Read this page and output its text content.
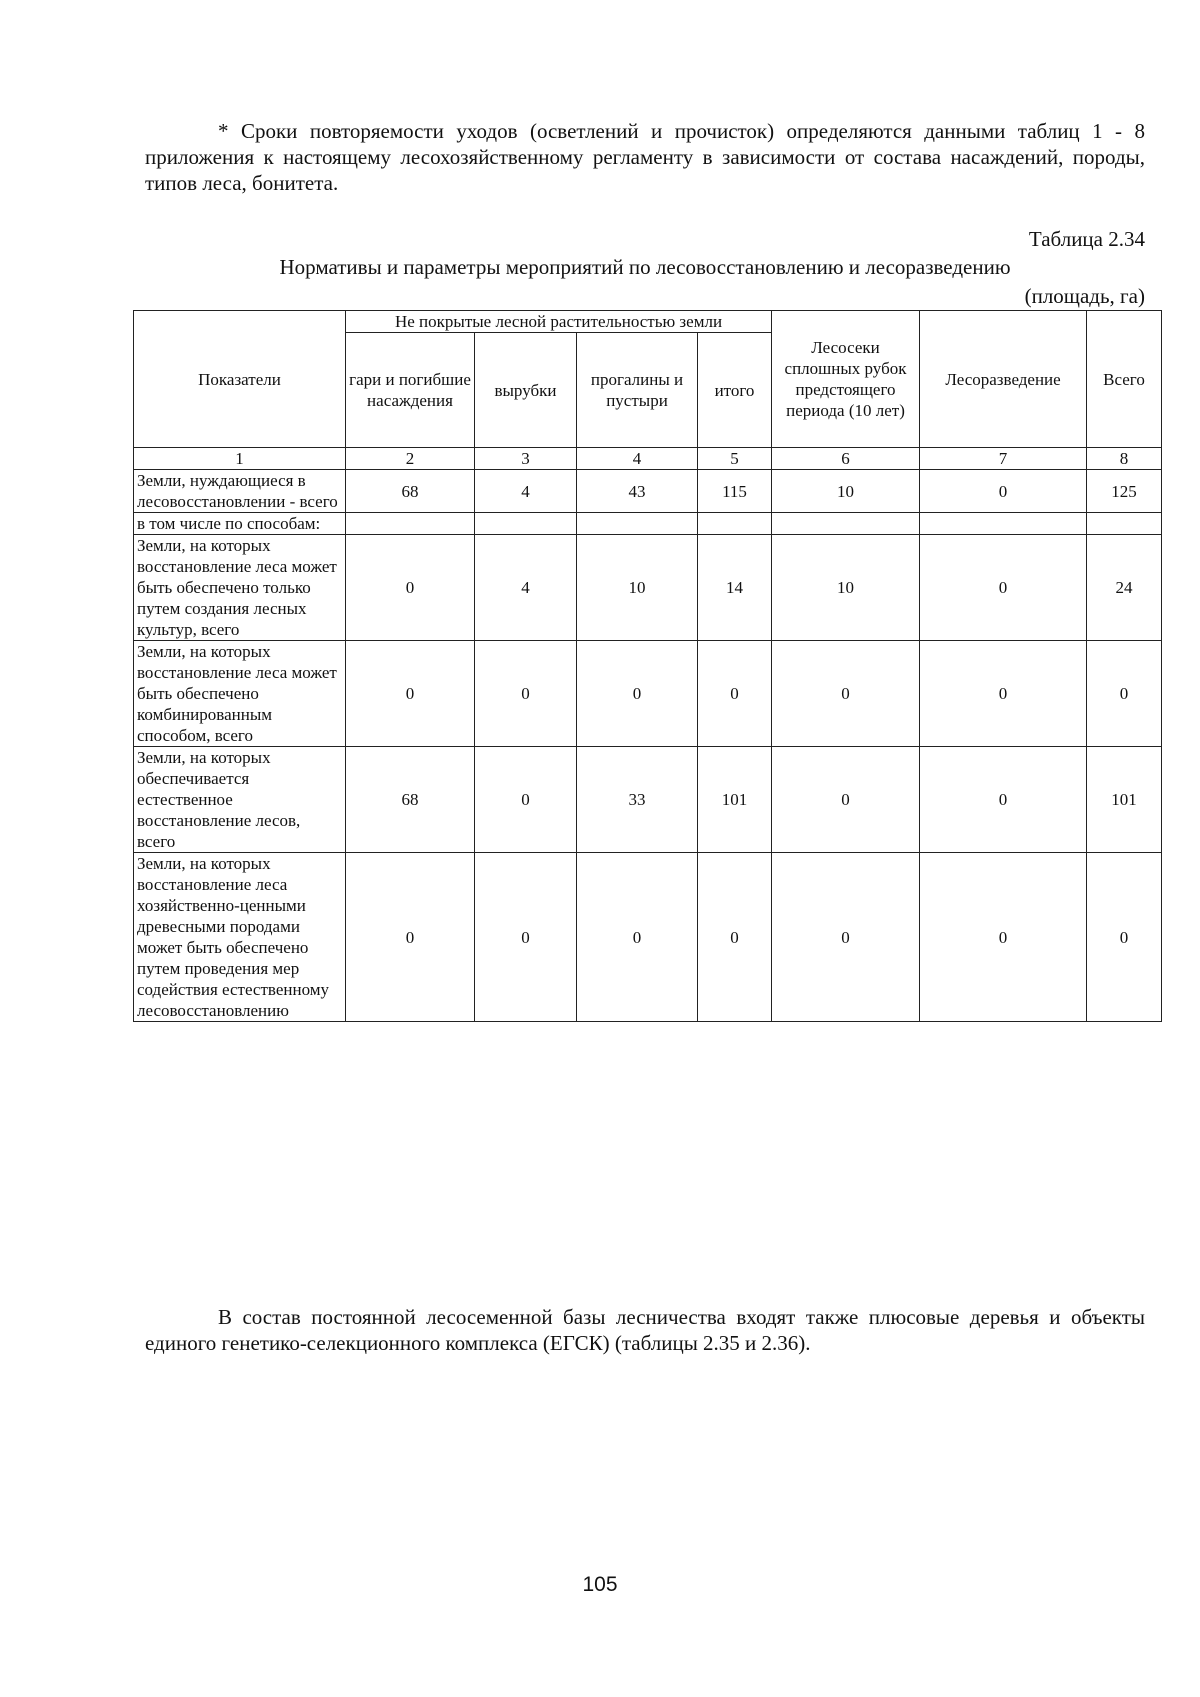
* Сроки повторяемости уходов (осветлений и прочисток) определяются данными таблиц 1 - 8 приложения к настоящему лесохозяйственному регламенту в зависимости от состава насаждений, породы, типов леса, бонитета.

Таблица 2.34

Нормативы и параметры мероприятий по лесовосстановлению и лесоразведению

(площадь, га)

Показатели	Не покрытые лесной растительностью земли				Лесосеки сплошных рубок предстоящего периода (10 лет)	Лесоразведение	Всего
	гари и погибшие насаждения	вырубки	прогалины и пустыри	итого			
1	2	3	4	5	6	7	8
Земли, нуждающиеся в лесовосстановлении - всего	68	4	43	115	10	0	125
в том числе по способам:							
Земли, на которых восстановление леса может быть обеспечено только путем создания лесных культур, всего	0	4	10	14	10	0	24
Земли, на которых восстановление леса может быть обеспечено комбинированным способом, всего	0	0	0	0	0	0	0
Земли, на которых обеспечивается естественное восстановление лесов, всего	68	0	33	101	0	0	101
Земли, на которых восстановление леса хозяйственно-ценными древесными породами может быть обеспечено путем проведения мер содействия естественному лесовосстановлению	0	0	0	0	0	0	0

В состав постоянной лесосеменной базы лесничества входят также плюсовые деревья и объекты единого генетико-селекционного комплекса (ЕГСК) (таблицы 2.35 и 2.36).

105
